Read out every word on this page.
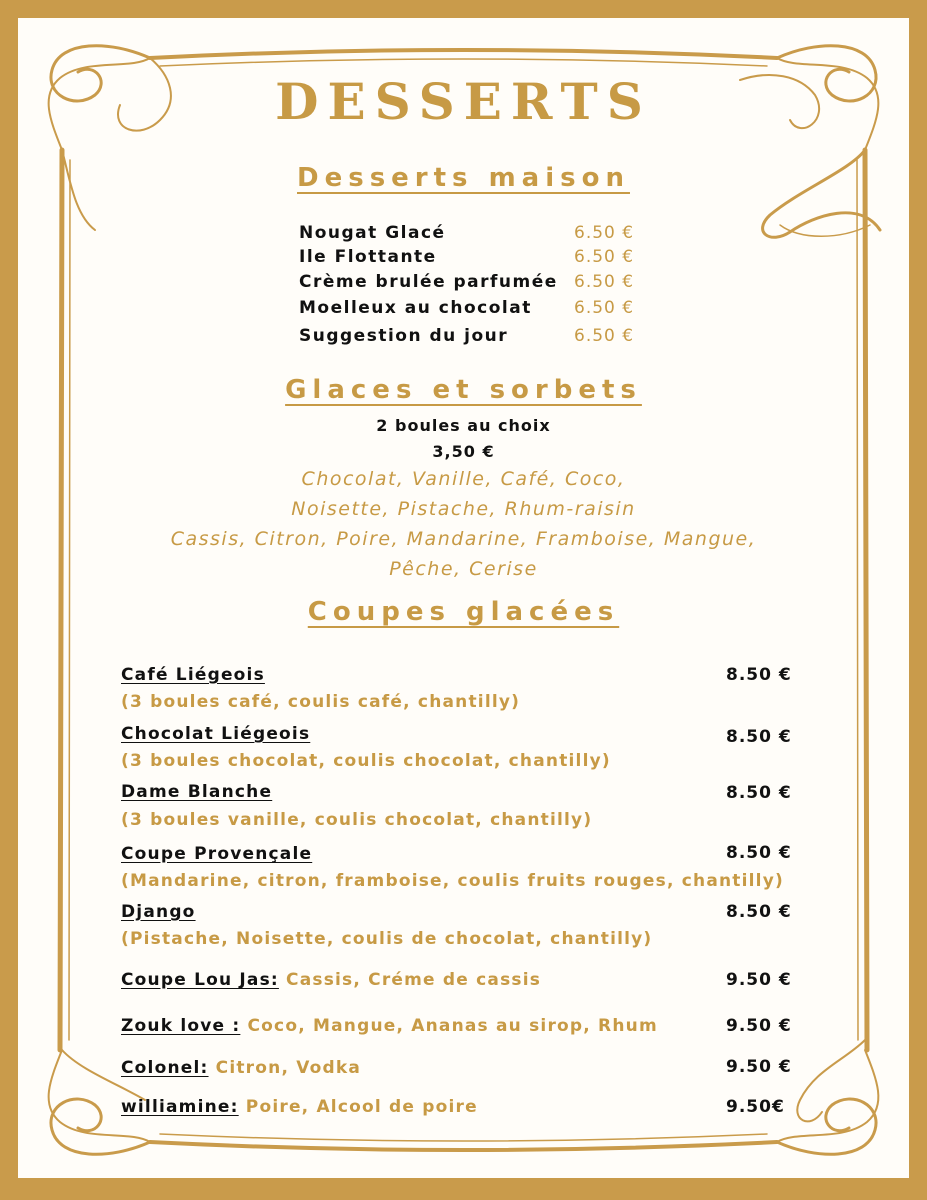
DESSERTS
Desserts maison
Nougat Glacé	6.50 €
Ile Flottante	6.50 €
Crème brulée parfumée 6.50 €
Moelleux au chocolat 6.50 €
Suggestion du jour	6.50 €
Glaces et sorbets
2 boules au choix
3,50 €
Chocolat, Vanille, Café, Coco,
Noisette, Pistache, Rhum-raisin
Cassis, Citron, Poire, Mandarine, Framboise, Mangue,
Pêche, Cerise
Coupes glacées
Café Liégeois
(3 boules café, coulis café, chantilly)
8.50 €
Chocolat Liégeois
(3 boules chocolat, coulis chocolat, chantilly)
8.50 €
Dame Blanche
(3 boules vanille, coulis chocolat, chantilly)
8.50 €
Coupe Provençale
(Mandarine, citron, framboise, coulis fruits rouges, chantilly)
8.50 €
Django
(Pistache, Noisette, coulis de chocolat, chantilly)
8.50 €
Coupe Lou Jas: Cassis, Créme de cassis	9.50 €
Zouk love : Coco, Mangue, Ananas au sirop, Rhum	9.50 €
Colonel: Citron, Vodka	9.50 €
williamine: Poire, Alcool de poire	9.50€
